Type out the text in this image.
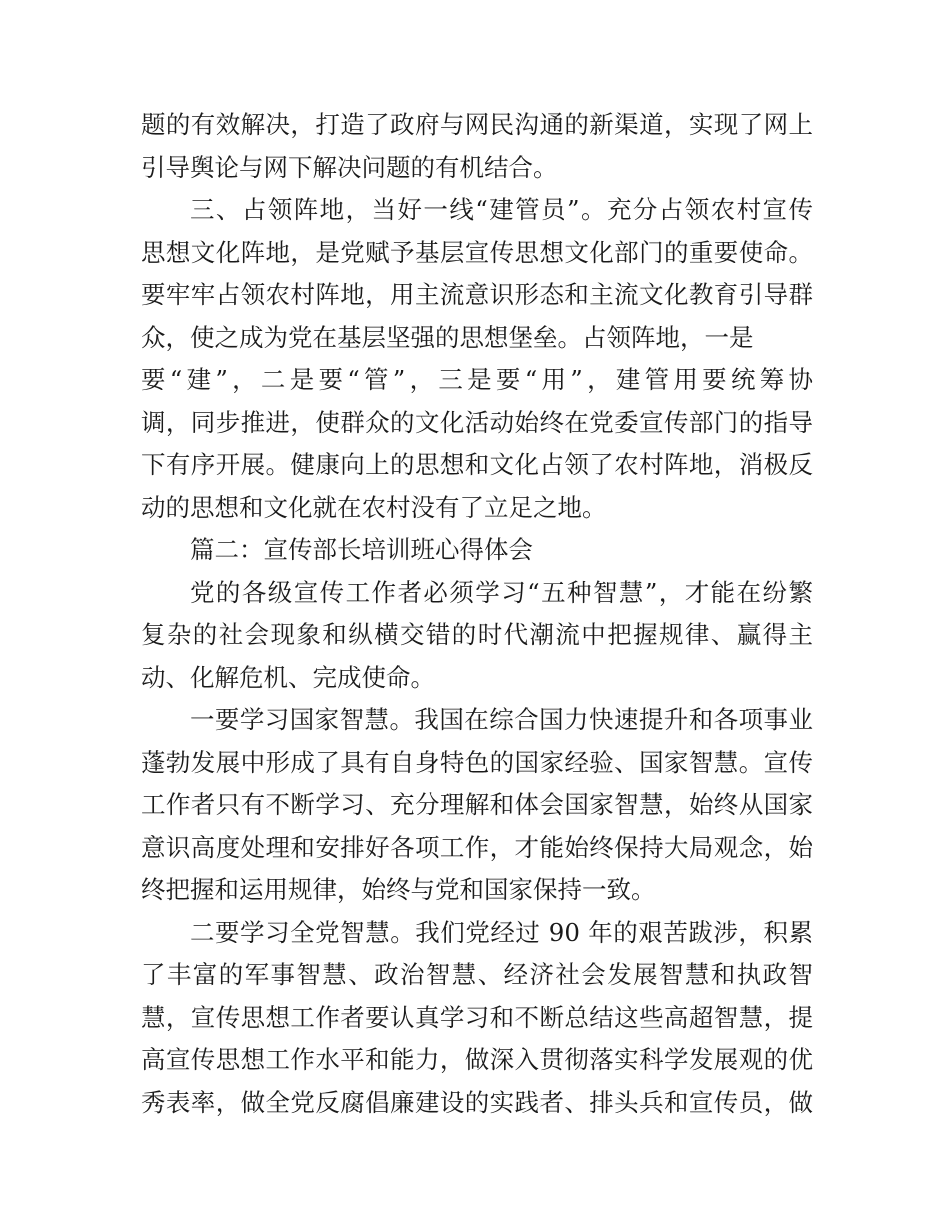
题的有效解决，打造了政府与网民沟通的新渠道，实现了网上
引导舆论与网下解决问题的有机结合。
三、占领阵地，当好一线“建管员”。充分占领农村宣传
思想文化阵地，是党赋予基层宣传思想文化部门的重要使命。
要牢牢占领农村阵地，用主流意识形态和主流文化教育引导群
众，使之成为党在基层坚强的思想堡垒。占领阵地，一是
要“建”，二是要“管”，三是要“用”，建管用要统筹协
调，同步推进，使群众的文化活动始终在党委宣传部门的指导
下有序开展。健康向上的思想和文化占领了农村阵地，消极反
动的思想和文化就在农村没有了立足之地。
篇二：宣传部长培训班心得体会
党的各级宣传工作者必须学习“五种智慧”，才能在纷繁
复杂的社会现象和纵横交错的时代潮流中把握规律、赢得主
动、化解危机、完成使命。
一要学习国家智慧。我国在综合国力快速提升和各项事业
蓬勃发展中形成了具有自身特色的国家经验、国家智慧。宣传
工作者只有不断学习、充分理解和体会国家智慧，始终从国家
意识高度处理和安排好各项工作，才能始终保持大局观念，始
终把握和运用规律，始终与党和国家保持一致。
二要学习全党智慧。我们党经过 90 年的艰苦跋涉，积累
了丰富的军事智慧、政治智慧、经济社会发展智慧和执政智
慧，宣传思想工作者要认真学习和不断总结这些高超智慧，提
高宣传思想工作水平和能力，做深入贯彻落实科学发展观的优
秀表率，做全党反腐倡廉建设的实践者、排头兵和宣传员，做
